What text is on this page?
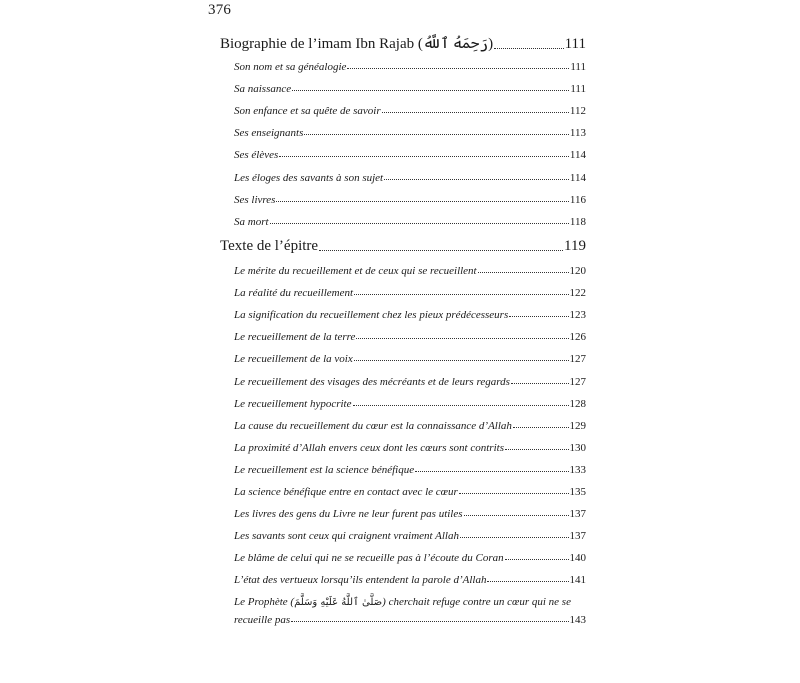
376
Biographie de l’imam Ibn Rajab (رَحِمَهُ ٱللَّهُ)	111
Son nom et sa généalogie	111
Sa naissance	111
Son enfance et sa quête de savoir	112
Ses enseignants	113
Ses élèves	114
Les éloges des savants à son sujet	114
Ses livres	116
Sa mort	118
Texte de l’épitre	119
Le mérite du recueillement et de ceux qui se recueillent	120
La réalité du recueillement	122
La signification du recueillement chez les pieux prédécesseurs	123
Le recueillement de la terre	126
Le recueillement de la voix	127
Le recueillement des visages des mécréants et de leurs regards	127
Le recueillement hypocrite	128
La cause du recueillement du cœur est la connaissance d’Allah	129
La proximité d’Allah envers ceux dont les cœurs sont contrits	130
Le recueillement est la science bénéfique	133
La science bénéfique entre en contact avec le cœur	135
Les livres des gens du Livre ne leur furent pas utiles	137
Les savants sont ceux qui craignent vraiment Allah	137
Le blâme de celui qui ne se recueille pas à l’écoute du Coran	140
L’état des vertueux lorsqu’ils entendent la parole d’Allah	141
Le Prophète (صَلَّىٰ ٱللَّهُ عَلَيْهِ وَسَلَّمَ) cherchait refuge contre un cœur qui ne se
recueille pas	143
